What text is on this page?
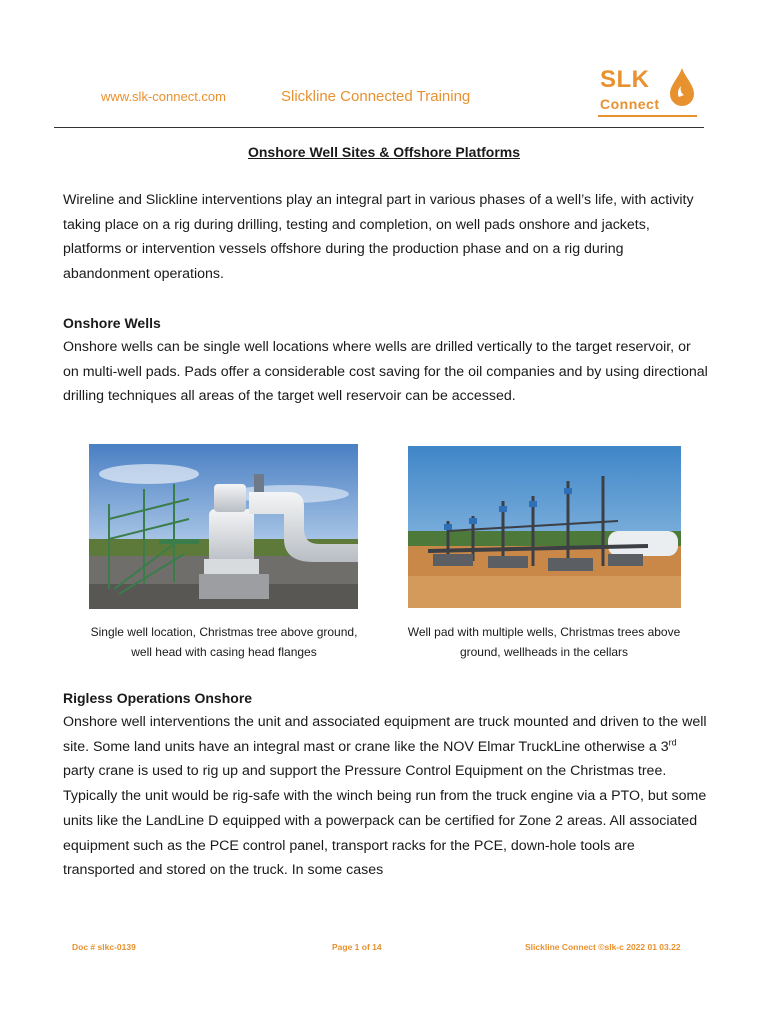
www.slk-connect.com	Slickline Connected Training
SLK
Connect
Onshore Well Sites & Offshore Platforms
Wireline and Slickline interventions play an integral part in various phases of a well’s life, with activity taking place on a rig during drilling, testing and completion, on well pads onshore and jackets, platforms or intervention vessels offshore during the production phase and on a rig during abandonment operations.
Onshore Wells
Onshore wells can be single well locations where wells are drilled vertically to the target reservoir, or on multi-well pads. Pads offer a considerable cost saving for the oil companies and by using directional drilling techniques all areas of the target well reservoir can be accessed.
Single well location, Christmas tree above ground, well head with casing head flanges
Well pad with multiple wells, Christmas trees above ground, wellheads in the cellars
Rigless Operations Onshore
Onshore well interventions the unit and associated equipment are truck mounted and driven to the well site. Some land units have an integral mast or crane like the NOV Elmar TruckLine otherwise a 3rd party crane is used to rig up and support the Pressure Control Equipment on the Christmas tree. Typically the unit would be rig-safe with the winch being run from the truck engine via a PTO, but some units like the LandLine D equipped with a powerpack can be certified for Zone 2 areas. All associated equipment such as the PCE control panel, transport racks for the PCE, down-hole tools are transported and stored on the truck. In some cases
Doc # slkc-0139	Page 1 of 14	Slickline Connect ©slk-c 2022 01 03.22
